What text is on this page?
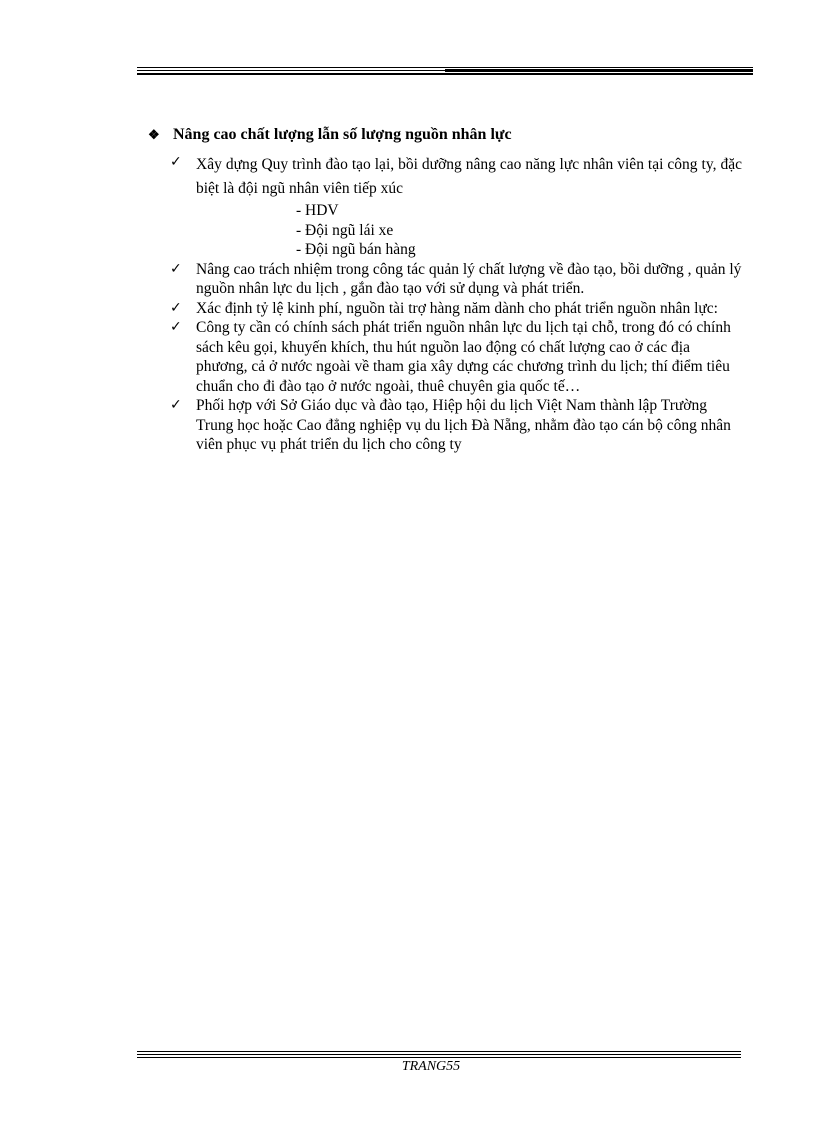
❖ Nâng cao chất lượng lẫn số lượng nguồn nhân lực
✓ Xây dựng Quy trình đào tạo lại, bồi dưỡng nâng cao năng lực nhân viên tại công ty, đặc biệt là đội ngũ nhân viên tiếp xúc
- HDV
- Đội ngũ lái xe
- Đội ngũ bán hàng
✓ Nâng cao trách nhiệm trong công tác quản lý chất lượng về đào tạo, bồi dưỡng , quản lý nguồn nhân lực du lịch , gắn đào tạo với sử dụng và phát triển.
✓ Xác định tỷ lệ kinh phí, nguồn tài trợ hàng năm dành cho phát triển nguồn nhân lực:
✓ Công ty cần có chính sách phát triển nguồn nhân lực du lịch tại chỗ, trong đó có chính sách kêu gọi, khuyến khích, thu hút nguồn lao động có chất lượng cao ở các địa phương, cả ở nước ngoài về tham gia xây dựng các chương trình du lịch; thí điểm tiêu chuẩn cho đi đào tạo ở nước ngoài, thuê chuyên gia quốc tế…
✓ Phối hợp với Sở Giáo dục và đào tạo, Hiệp hội du lịch Việt Nam thành lập Trường Trung học hoặc Cao đẳng nghiệp vụ du lịch Đà Nẵng, nhằm đào tạo cán bộ công nhân viên phục vụ phát triển du lịch cho công ty
TRANG55
